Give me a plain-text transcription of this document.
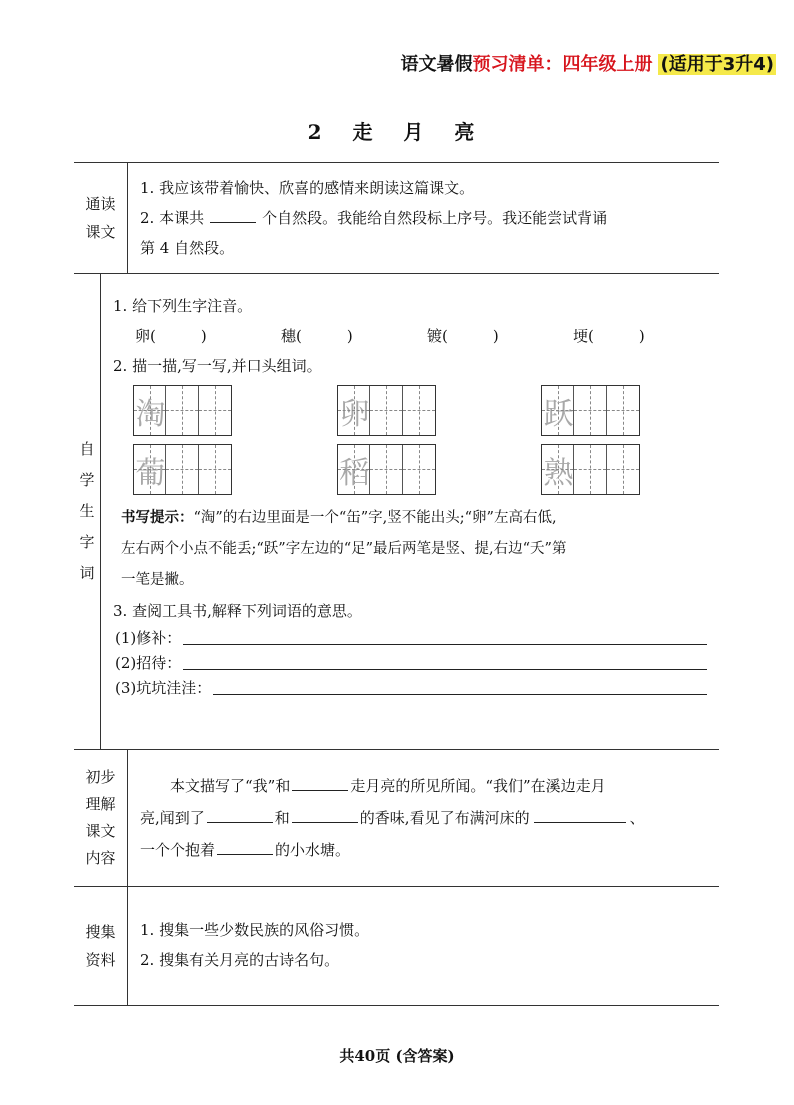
语文暑假预习清单：四年级上册 (适用于3升4)
2 走 月 亮
通读
课文
1. 我应该带着愉快、欣喜的感情来朗读这篇课文。
2. 本课共	个自然段。我能给自然段标上序号。我还能尝试背诵
第 4 自然段。
自
学
生
字
词
1. 给下列生字注音。
卵(　　　)	穗(　　　)	镀(　　　)	埂(　　　)
2. 描一描,写一写,并口头组词。
淘	卵	跃
葡	稻	熟
书写提示：“淘”的右边里面是一个“缶”字,竖不能出头;“卵”左高右低,
左右两个小点不能丢;“跃”字左边的“足”最后两笔是竖、提,右边“夭”第
一笔是撇。
3. 查阅工具书,解释下列词语的意思。
(1)修补：
(2)招待：
(3)坑坑洼洼：
初步
理解
课文
内容
本文描写了“我”和	走月亮的所见所闻。“我们”在溪边走月
亮,闻到了	和	的香味,看见了布满河床的	、
一个个抱着	的小水塘。
搜集
资料
1. 搜集一些少数民族的风俗习惯。
2. 搜集有关月亮的古诗名句。
共40页 (含答案)
